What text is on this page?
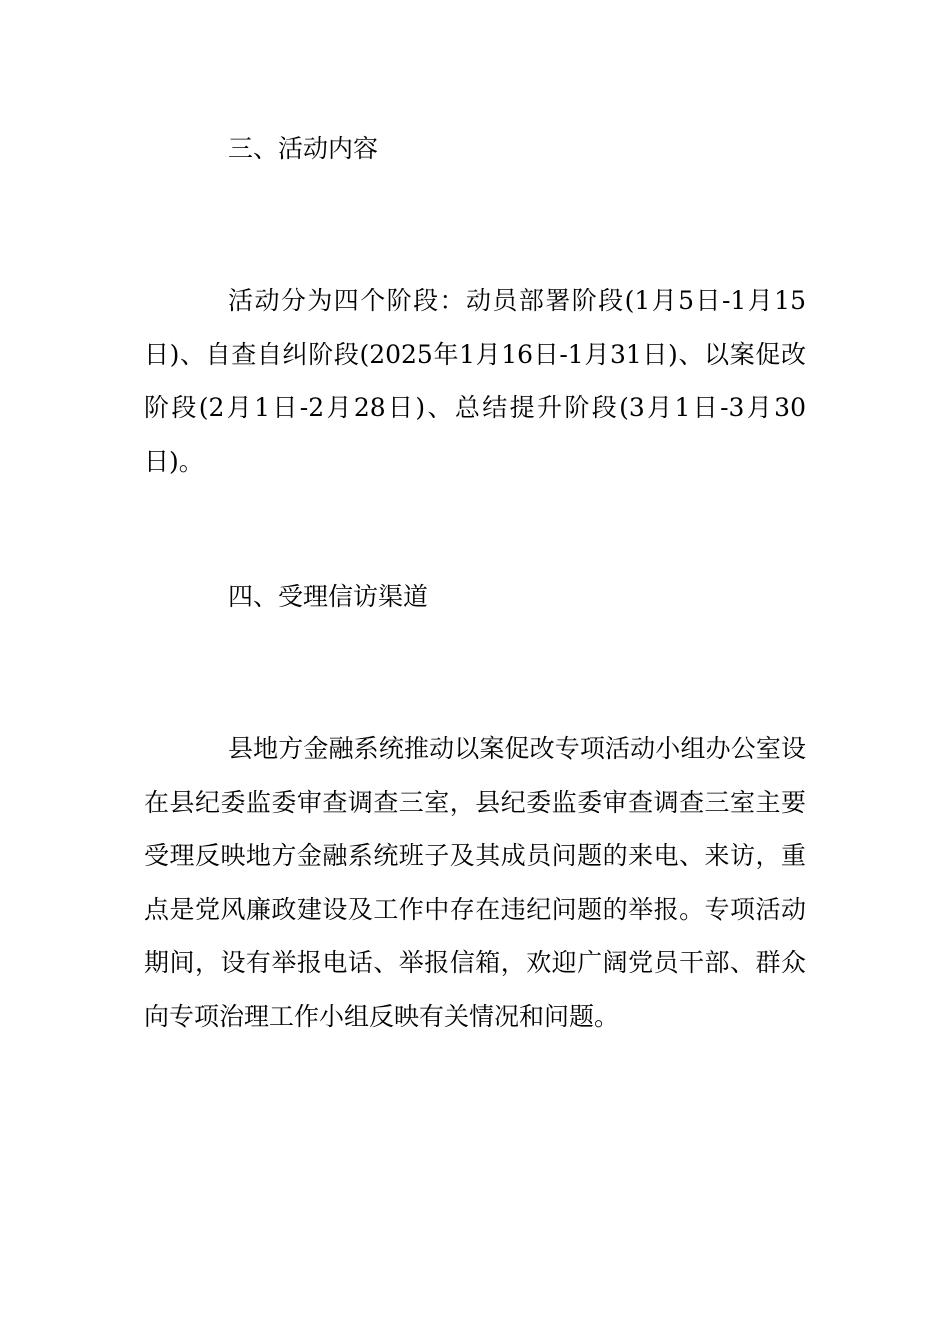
三、活动内容
活动分为四个阶段：动员部署阶段(1月5日-1月15日)、自查自纠阶段(2025年1月16日-1月31日)、以案促改阶段(2月1日-2月28日)、总结提升阶段(3月1日-3月30日)。
四、受理信访渠道
县地方金融系统推动以案促改专项活动小组办公室设在县纪委监委审查调查三室，县纪委监委审查调查三室主要受理反映地方金融系统班子及其成员问题的来电、来访，重点是党风廉政建设及工作中存在违纪问题的举报。专项活动期间，设有举报电话、举报信箱，欢迎广阔党员干部、群众向专项治理工作小组反映有关情况和问题。
